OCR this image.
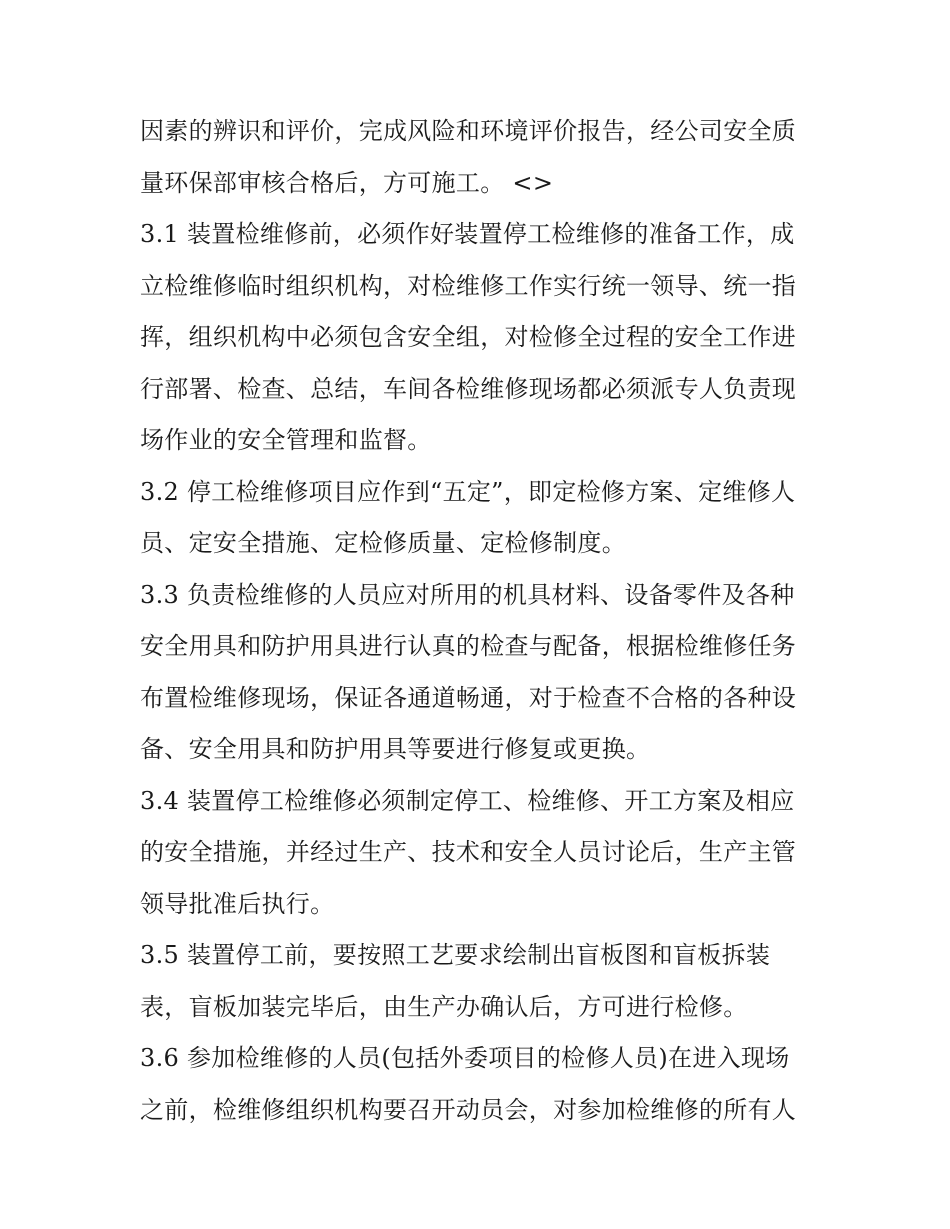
因素的辨识和评价，完成风险和环境评价报告，经公司安全质
量环保部审核合格后，方可施工。 <>
3.1 装置检维修前，必须作好装置停工检维修的准备工作，成
立检维修临时组织机构，对检维修工作实行统一领导、统一指
挥，组织机构中必须包含安全组，对检修全过程的安全工作进
行部署、检查、总结，车间各检维修现场都必须派专人负责现
场作业的安全管理和监督。
3.2 停工检维修项目应作到“五定”，即定检修方案、定维修人
员、定安全措施、定检修质量、定检修制度。
3.3 负责检维修的人员应对所用的机具材料、设备零件及各种
安全用具和防护用具进行认真的检查与配备，根据检维修任务
布置检维修现场，保证各通道畅通，对于检查不合格的各种设
备、安全用具和防护用具等要进行修复或更换。
3.4 装置停工检维修必须制定停工、检维修、开工方案及相应
的安全措施，并经过生产、技术和安全人员讨论后，生产主管
领导批准后执行。
3.5 装置停工前，要按照工艺要求绘制出盲板图和盲板拆装
表，盲板加装完毕后，由生产办确认后，方可进行检修。
3.6 参加检维修的人员(包括外委项目的检修人员)在进入现场
之前，检维修组织机构要召开动员会，对参加检维修的所有人
